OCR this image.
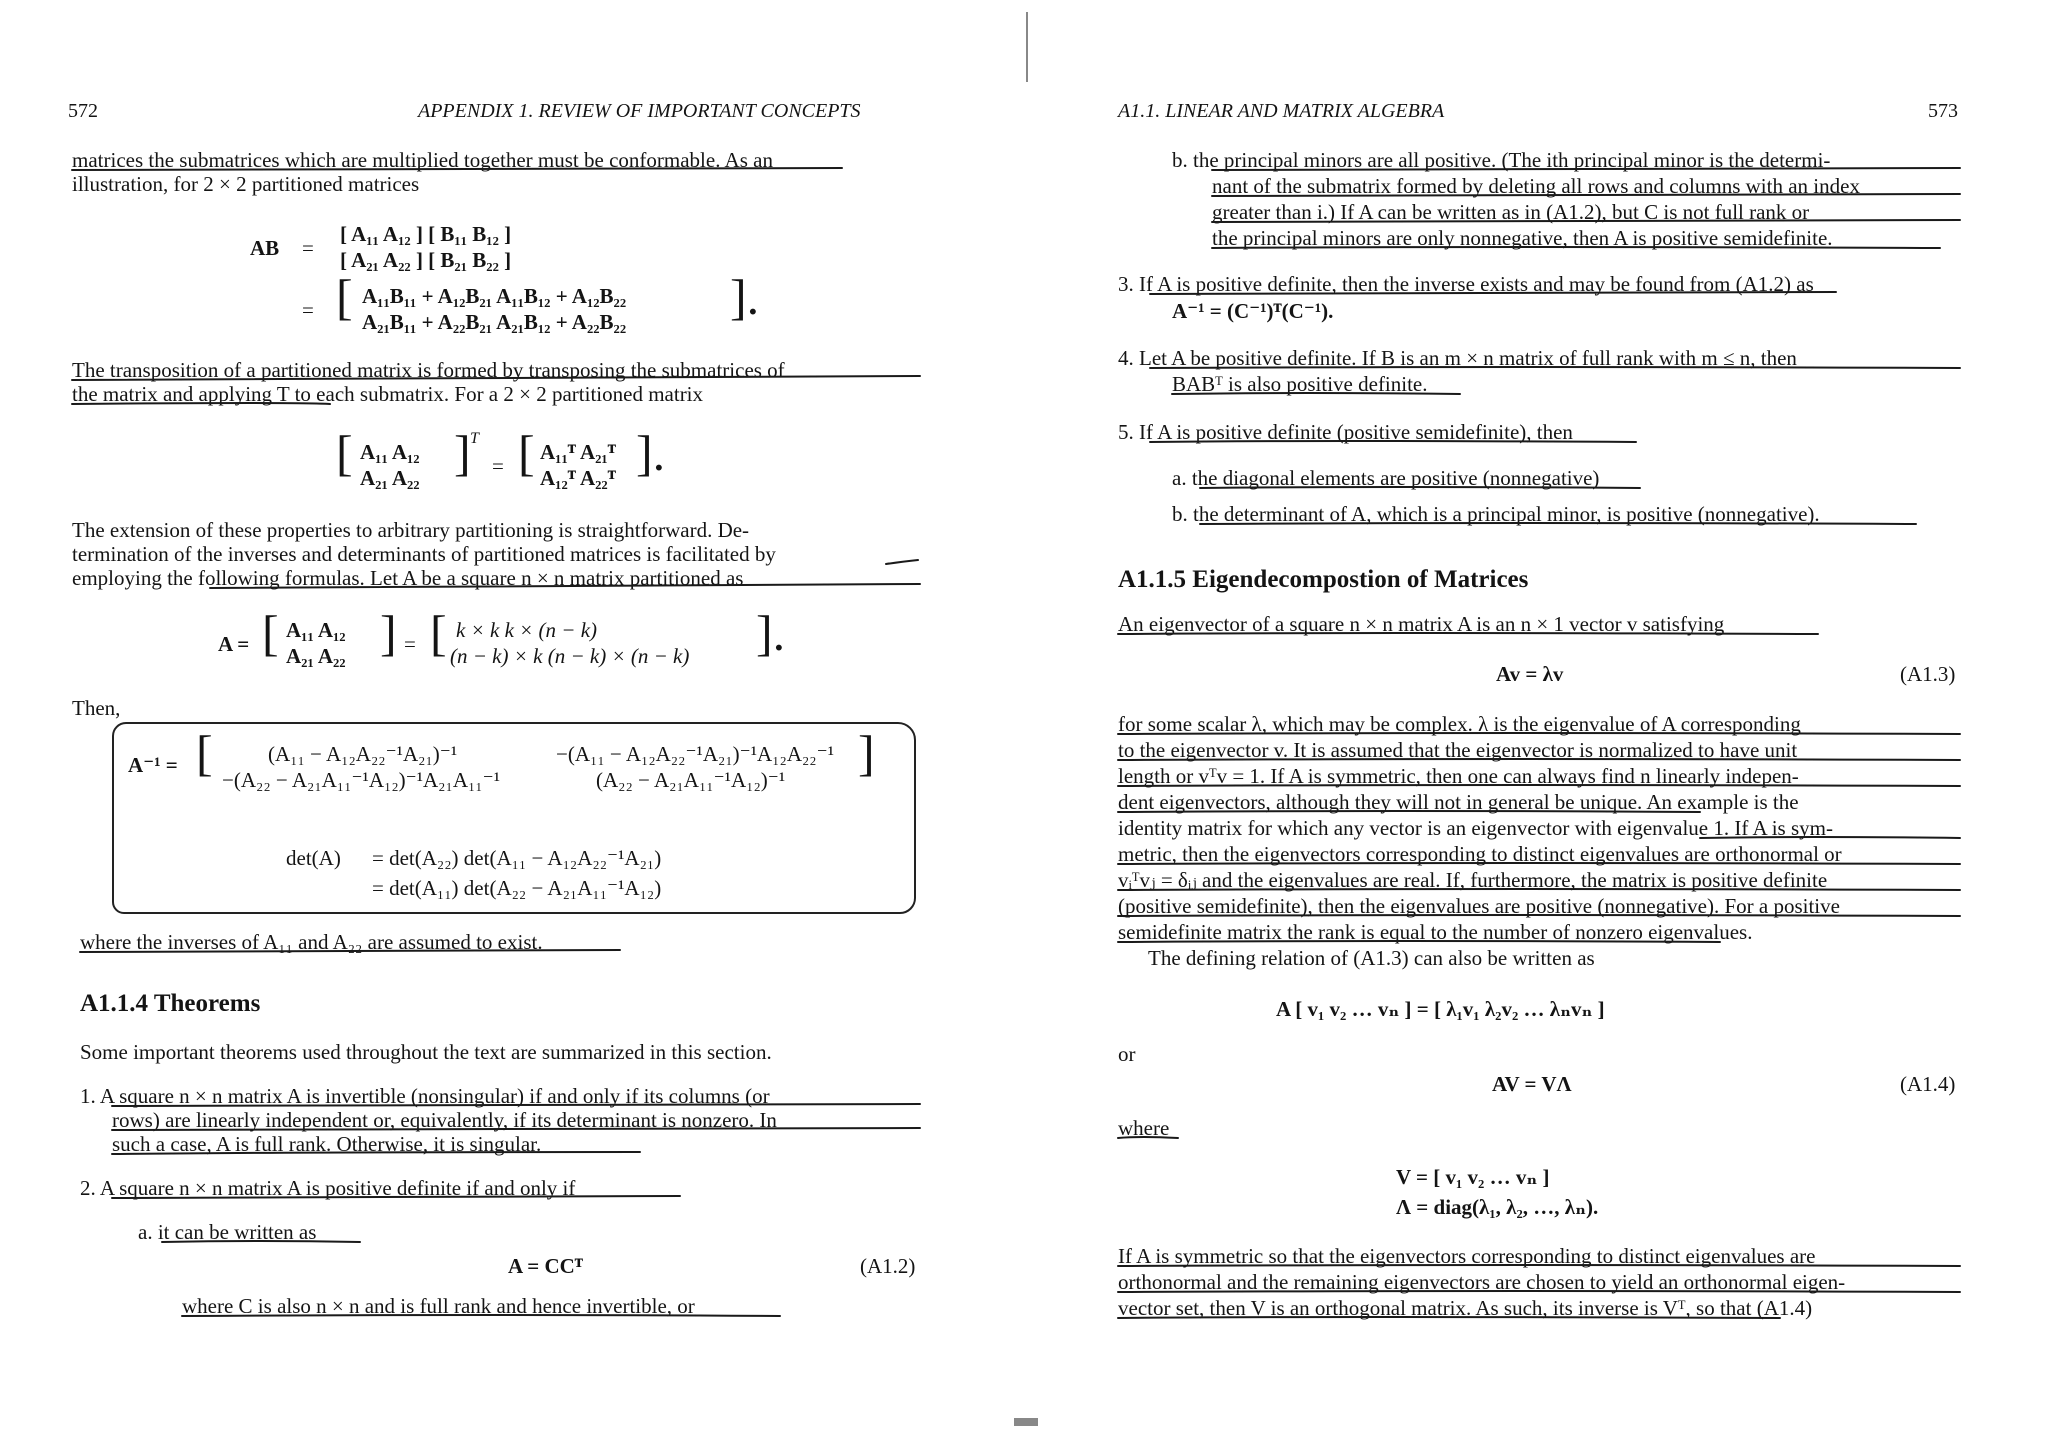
572	APPENDIX 1. REVIEW OF IMPORTANT CONCEPTS
matrices the submatrices which are multiplied together must be conformable. As an
illustration, for 2 × 2 partitioned matrices
AB =
[ A₁₁ A₁₂ ] [ B₁₁ B₁₂ ]
[ A₂₁ A₂₂ ] [ B₂₁ B₂₂ ]
= [ A₁₁B₁₁ + A₁₂B₂₁ A₁₁B₁₂ + A₁₂B₂₂
A₂₁B₁₁ + A₂₂B₂₁ A₂₁B₁₂ + A₂₂B₂₂ ].
The transposition of a partitioned matrix is formed by transposing the submatrices of
the matrix and applying T to each submatrix. For a 2 × 2 partitioned matrix
[ A₁₁ A₁₂
A₂₁ A₂₂ ] T
= [ A₁₁ᵀ A₂₁ᵀ
A₁₂ᵀ A₂₂ᵀ ].
The extension of these properties to arbitrary partitioning is straightforward. De-
termination of the inverses and determinants of partitioned matrices is facilitated by
employing the following formulas. Let A be a square n × n matrix partitioned as
A = [ A₁₁ A₁₂
A₂₁ A₂₂ ] = [ k × k k × (n − k)
(n − k) × k (n − k) × (n − k) ].
Then,
A⁻¹ = [	(A₁₁ − A₁₂A₂₂⁻¹A₂₁)⁻¹	−(A₁₁ − A₁₂A₂₂⁻¹A₂₁)⁻¹A₁₂A₂₂⁻¹
−(A₂₂ − A₂₁A₁₁⁻¹A₁₂)⁻¹A₂₁A₁₁⁻¹	(A₂₂ − A₂₁A₁₁⁻¹A₁₂)⁻¹ ]
det(A) = det(A₂₂) det(A₁₁ − A₁₂A₂₂⁻¹A₂₁)
= det(A₁₁) det(A₂₂ − A₂₁A₁₁⁻¹A₁₂)
where the inverses of A₁₁ and A₂₂ are assumed to exist.
A1.1.4 Theorems
Some important theorems used throughout the text are summarized in this section.
1. A square n × n matrix A is invertible (nonsingular) if and only if its columns (or
rows) are linearly independent or, equivalently, if its determinant is nonzero. In
such a case, A is full rank. Otherwise, it is singular.
2. A square n × n matrix A is positive definite if and only if
a. it can be written as
A = CCᵀ	(A1.2)
where C is also n × n and is full rank and hence invertible, or
A1.1. LINEAR AND MATRIX ALGEBRA	573
b. the principal minors are all positive. (The ith principal minor is the determi-
nant of the submatrix formed by deleting all rows and columns with an index
greater than i.) If A can be written as in (A1.2), but C is not full rank or
the principal minors are only nonnegative, then A is positive semidefinite.
3. If A is positive definite, then the inverse exists and may be found from (A1.2) as
A⁻¹ = (C⁻¹)ᵀ(C⁻¹).
4. Let A be positive definite. If B is an m × n matrix of full rank with m ≤ n, then
BABᵀ is also positive definite.
5. If A is positive definite (positive semidefinite), then
a. the diagonal elements are positive (nonnegative)
b. the determinant of A, which is a principal minor, is positive (nonnegative).
A1.1.5 Eigendecompostion of Matrices
An eigenvector of a square n × n matrix A is an n × 1 vector v satisfying
Av = λv	(A1.3)
for some scalar λ, which may be complex. λ is the eigenvalue of A corresponding
to the eigenvector v. It is assumed that the eigenvector is normalized to have unit
length or vᵀv = 1. If A is symmetric, then one can always find n linearly indepen-
dent eigenvectors, although they will not in general be unique. An example is the
identity matrix for which any vector is an eigenvector with eigenvalue 1. If A is sym-
metric, then the eigenvectors corresponding to distinct eigenvalues are orthonormal or
vᵢᵀvⱼ = δᵢⱼ and the eigenvalues are real. If, furthermore, the matrix is positive definite
(positive semidefinite), then the eigenvalues are positive (nonnegative). For a positive
semidefinite matrix the rank is equal to the number of nonzero eigenvalues.
The defining relation of (A1.3) can also be written as
A [ v₁ v₂ … vₙ ] = [ λ₁v₁ λ₂v₂ … λₙvₙ ]
or
AV = VΛ	(A1.4)
where
V = [ v₁ v₂ … vₙ ]
Λ = diag(λ₁, λ₂, …, λₙ).
If A is symmetric so that the eigenvectors corresponding to distinct eigenvalues are
orthonormal and the remaining eigenvectors are chosen to yield an orthonormal eigen-
vector set, then V is an orthogonal matrix. As such, its inverse is Vᵀ, so that (A1.4)
